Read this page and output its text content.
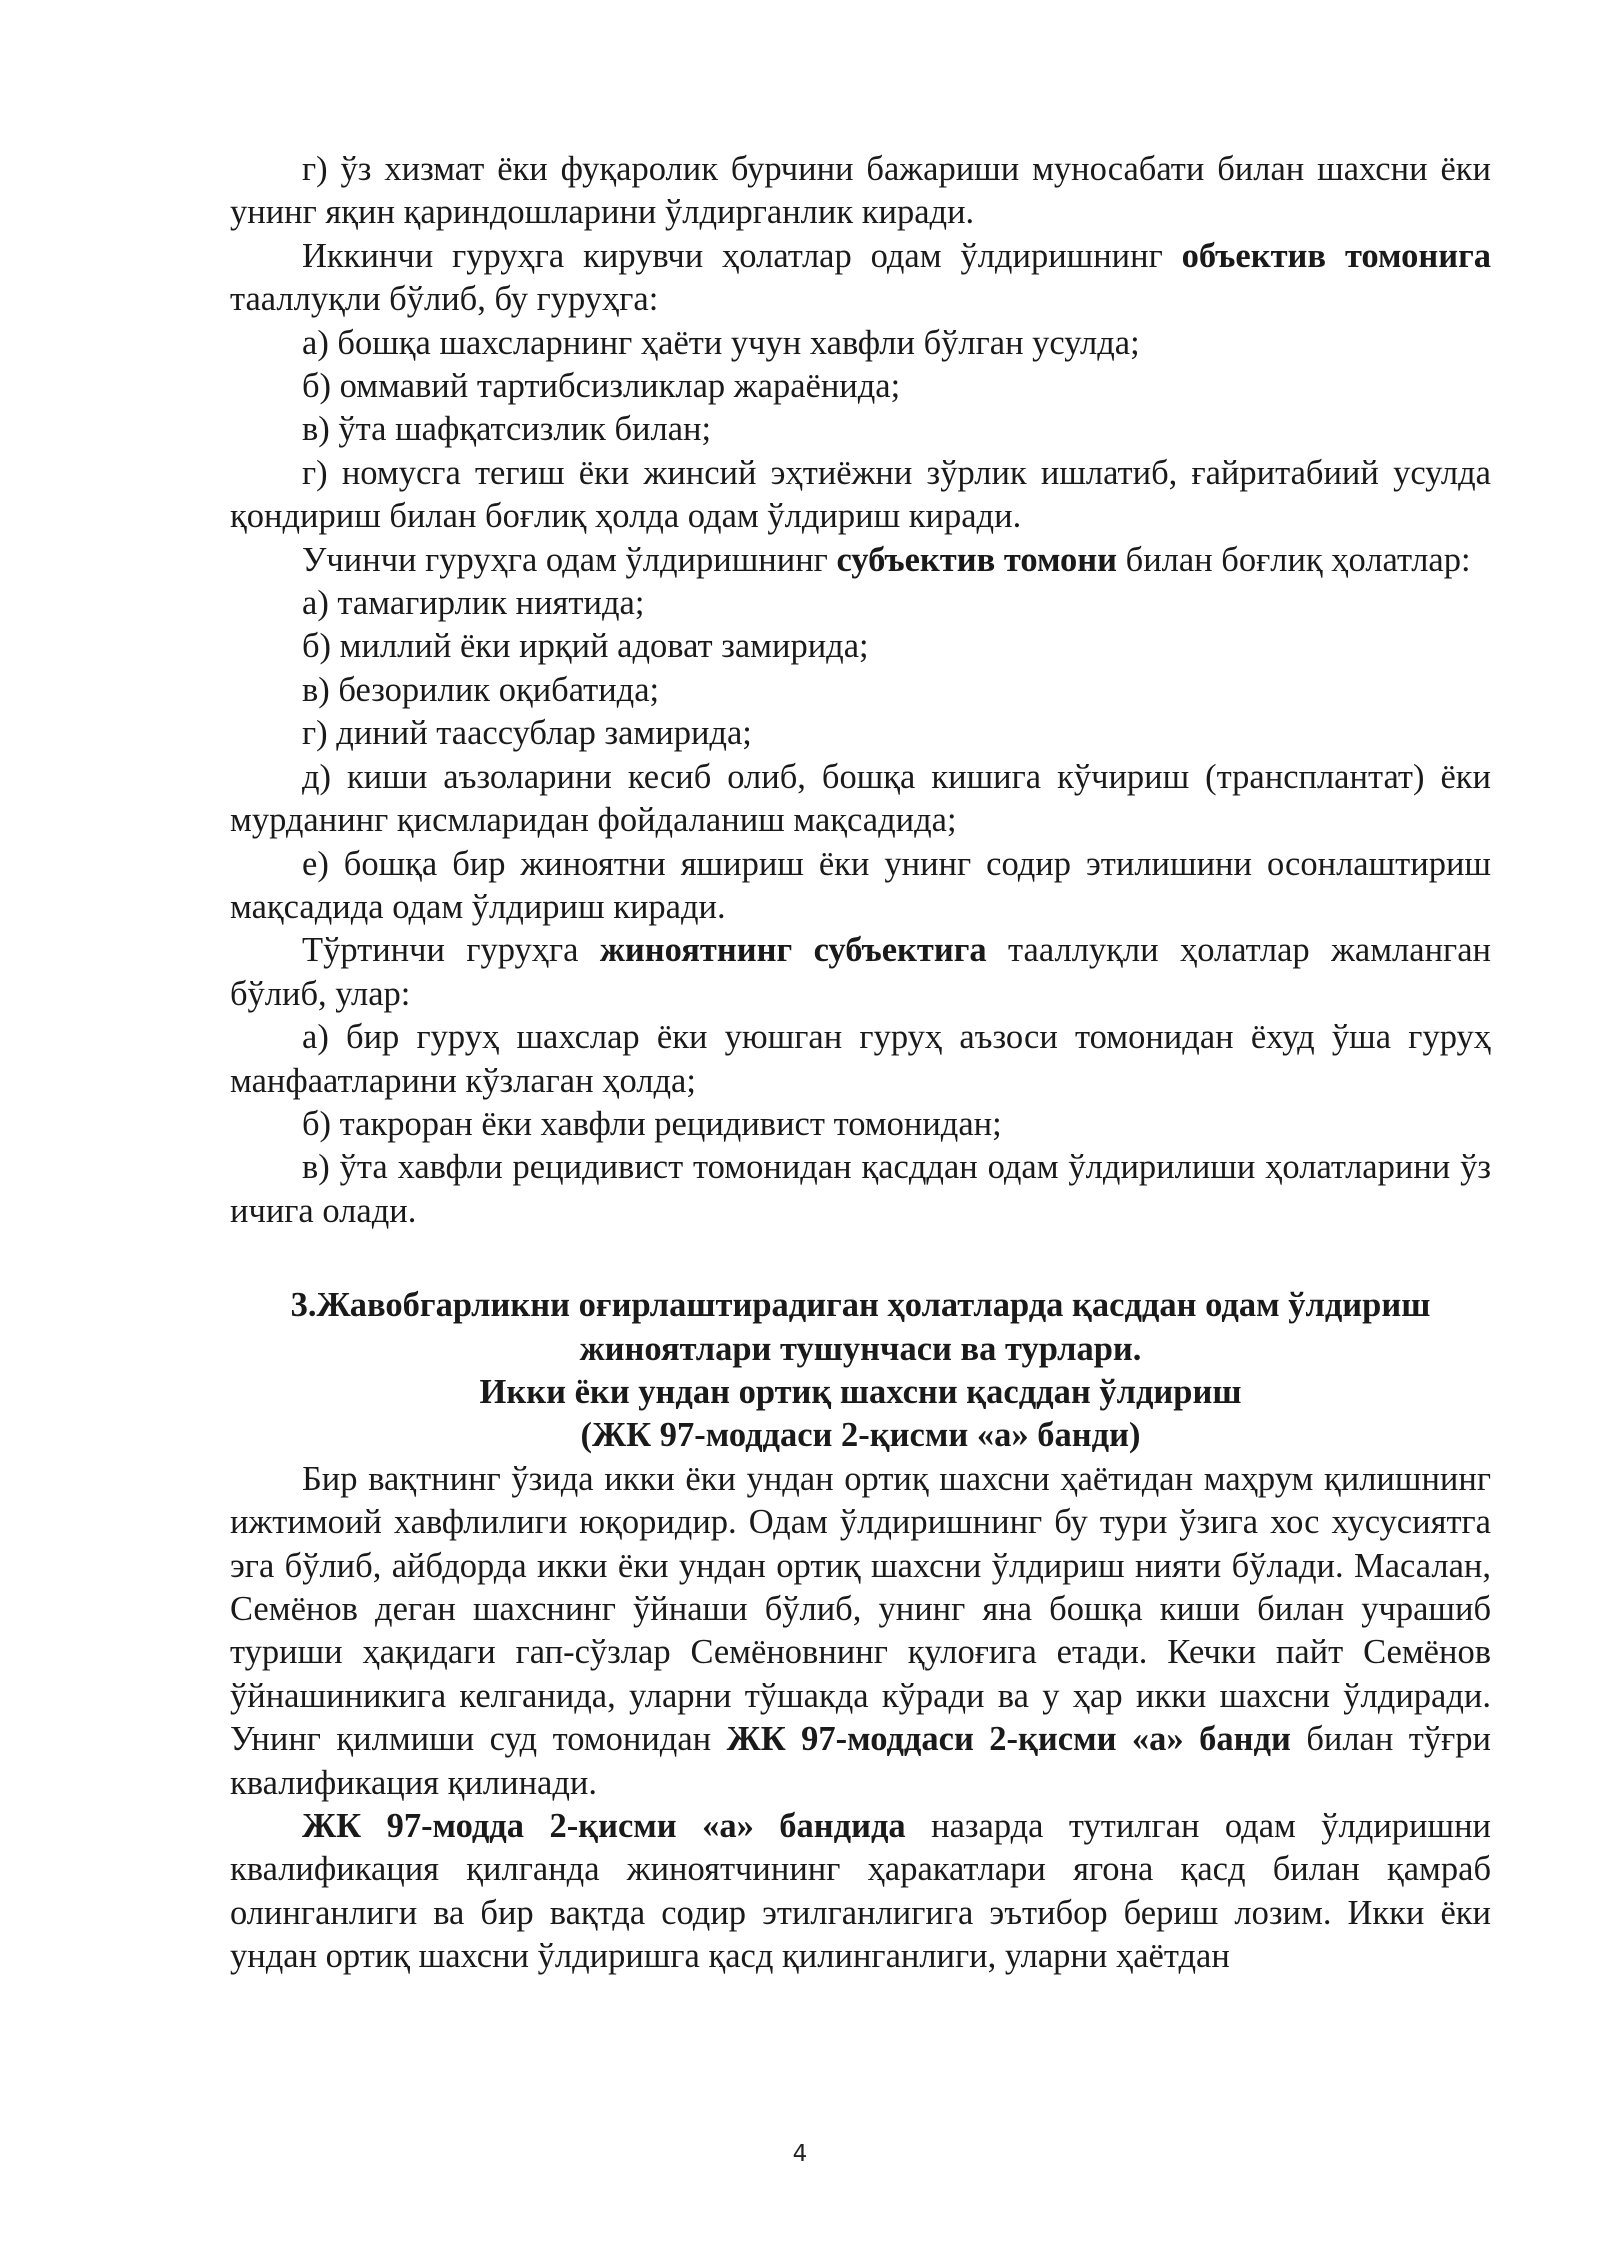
г) ўз хизмат ёки фуқаролик бурчини бажариши муносабати билан шахсни ёки унинг яқин қариндошларини ўлдирганлик киради.

Иккинчи гуруҳга кирувчи ҳолатлар одам ўлдиришнинг объектив томонига тааллуқли бўлиб, бу гуруҳга:

а) бошқа шахсларнинг ҳаёти учун хавфли бўлган усулда;

б) оммавий тартибсизликлар жараёнида;

в) ўта шафқатсизлик билан;

г) номусга тегиш ёки жинсий эҳтиёжни зўрлик ишлатиб, ғайритабиий усулда қондириш билан боғлиқ ҳолда одам ўлдириш киради.

Учинчи гуруҳга одам ўлдиришнинг субъектив томони билан боғлиқ ҳолатлар:

а) тамагирлик ниятида;

б) миллий ёки ирқий адоват замирида;

в) безорилик оқибатида;

г) диний таассублар замирида;

д) киши аъзоларини кесиб олиб, бошқа кишига кўчириш (трансплантат) ёки мурданинг қисмларидан фойдаланиш мақсадида;

е) бошқа бир жиноятни яшириш ёки унинг содир этилишини осонлаштириш мақсадида одам ўлдириш киради.

Тўртинчи гуруҳга жиноятнинг субъектига тааллуқли ҳолатлар жамланган бўлиб, улар:

а) бир гуруҳ шахслар ёки уюшган гуруҳ аъзоси томонидан ёхуд ўша гуруҳ манфаатларини кўзлаган ҳолда;

б) такроран ёки хавфли рецидивист томонидан;

в) ўта хавфли рецидивист томонидан қасддан одам ўлдирилиши ҳолатларини ўз ичига олади.

3.Жавобгарликни оғирлаштирадиган ҳолатларда қасддан одам ўлдириш
жиноятлари тушунчаси ва турлари.

Икки ёки ундан ортиқ шахсни қасддан ўлдириш
(ЖК 97-моддаси 2-қисми «а» банди)

Бир вақтнинг ўзида икки ёки ундан ортиқ шахсни ҳаётидан маҳрум қилишнинг ижтимоий хавфлилиги юқоридир. Одам ўлдиришнинг бу тури ўзига хос хусусиятга эга бўлиб, айбдорда икки ёки ундан ортиқ шахсни ўлдириш нияти бўлади. Масалан, Семёнов деган шахснинг ўйнаши бўлиб, унинг яна бошқа киши билан учрашиб туриши ҳақидаги гап-сўзлар Семёновнинг қулоғига етади. Кечки пайт Семёнов ўйнашиникига келганида, уларни тўшакда кўради ва у ҳар икки шахсни ўлдиради. Унинг қилмиши суд томонидан ЖК 97-моддаси 2-қисми «а» банди билан тўғри квалификация қилинади.

ЖК 97-модда 2-қисми «а» бандида назарда тутилган одам ўлдиришни квалификация қилганда жиноятчининг ҳаракатлари ягона қасд билан қамраб олинганлиги ва бир вақтда содир этилганлигига эътибор бериш лозим. Икки ёки ундан ортиқ шахсни ўлдиришга қасд қилинганлиги, уларни ҳаётдан

4
